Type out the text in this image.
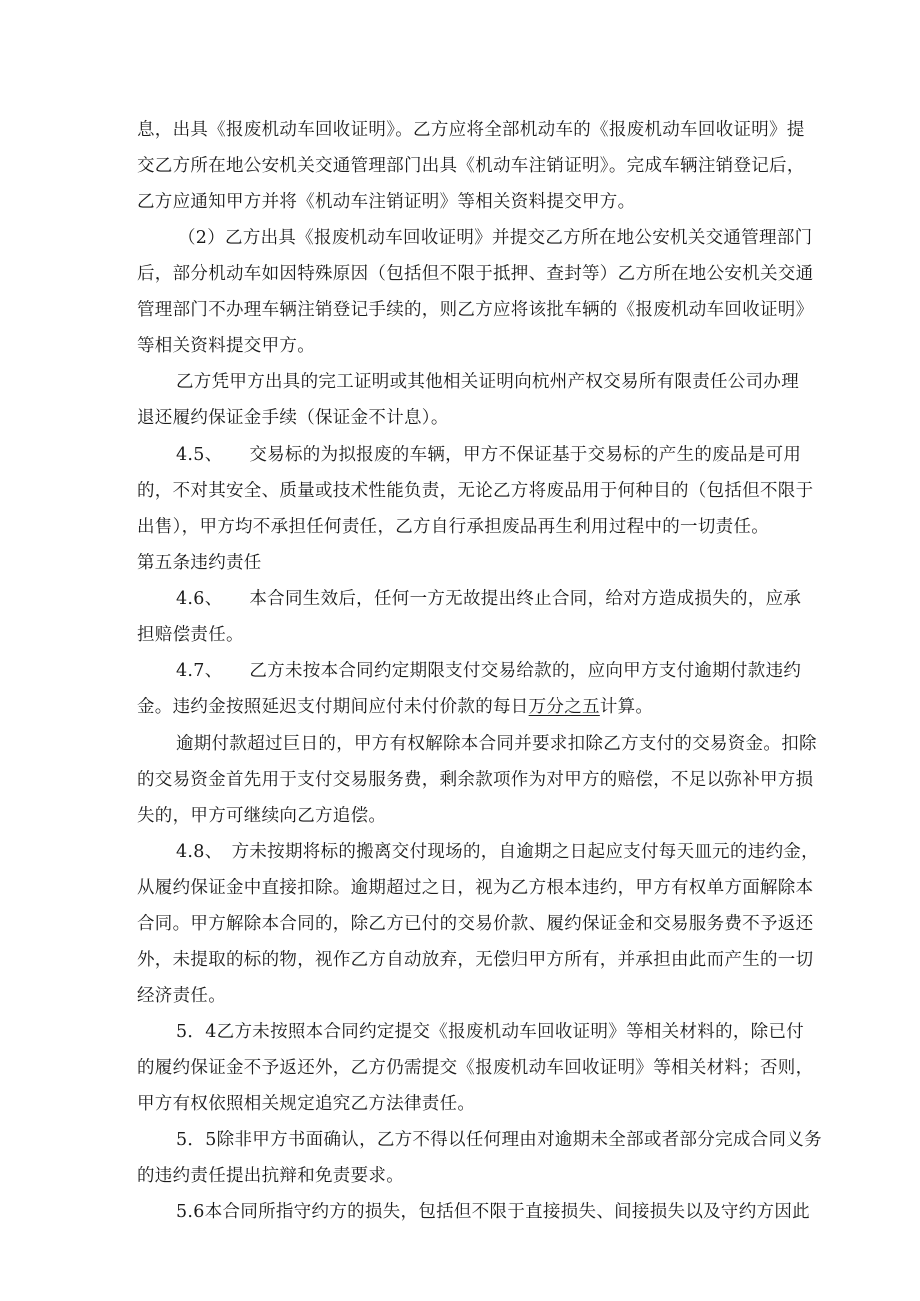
息，出具《报废机动车回收证明》。乙方应将全部机动车的《报废机动车回收证明》提

交乙方所在地公安机关交通管理部门出具《机动车注销证明》。完成车辆注销登记后，

乙方应通知甲方并将《机动车注销证明》等相关资料提交甲方。

（2）乙方出具《报废机动车回收证明》并提交乙方所在地公安机关交通管理部门

后，部分机动车如因特殊原因（包括但不限于抵押、查封等）乙方所在地公安机关交通

管理部门不办理车辆注销登记手续的，则乙方应将该批车辆的《报废机动车回收证明》

等相关资料提交甲方。

乙方凭甲方出具的完工证明或其他相关证明向杭州产权交易所有限责任公司办理

退还履约保证金手续（保证金不计息）。

4.5、　　交易标的为拟报废的车辆，甲方不保证基于交易标的产生的废品是可用

的，不对其安全、质量或技术性能负责，无论乙方将废品用于何种目的（包括但不限于

出售），甲方均不承担任何责任，乙方自行承担废品再生利用过程中的一切责任。

第五条违约责任

4.6、　　本合同生效后，任何一方无故提出终止合同，给对方造成损失的，应承

担赔偿责任。

4.7、　　乙方未按本合同约定期限支付交易给款的，应向甲方支付逾期付款违约

金。违约金按照延迟支付期间应付未付价款的每日万分之五计算。

逾期付款超过巨日的，甲方有权解除本合同并要求扣除乙方支付的交易资金。扣除

的交易资金首先用于支付交易服务费，剩余款项作为对甲方的赔偿，不足以弥补甲方损

失的，甲方可继续向乙方追偿。

4.8、　方未按期将标的搬离交付现场的，自逾期之日起应支付每天皿元的违约金，

从履约保证金中直接扣除。逾期超过之日，视为乙方根本违约，甲方有权单方面解除本

合同。甲方解除本合同的，除乙方已付的交易价款、履约保证金和交易服务费不予返还

外，未提取的标的物，视作乙方自动放弃，无偿归甲方所有，并承担由此而产生的一切

经济责任。

5．4乙方未按照本合同约定提交《报废机动车回收证明》等相关材料的，除已付

的履约保证金不予返还外，乙方仍需提交《报废机动车回收证明》等相关材料；否则，

甲方有权依照相关规定追究乙方法律责任。

5．5除非甲方书面确认，乙方不得以任何理由对逾期未全部或者部分完成合同义务

的违约责任提出抗辩和免责要求。

5.6本合同所指守约方的损失，包括但不限于直接损失、间接损失以及守约方因此
